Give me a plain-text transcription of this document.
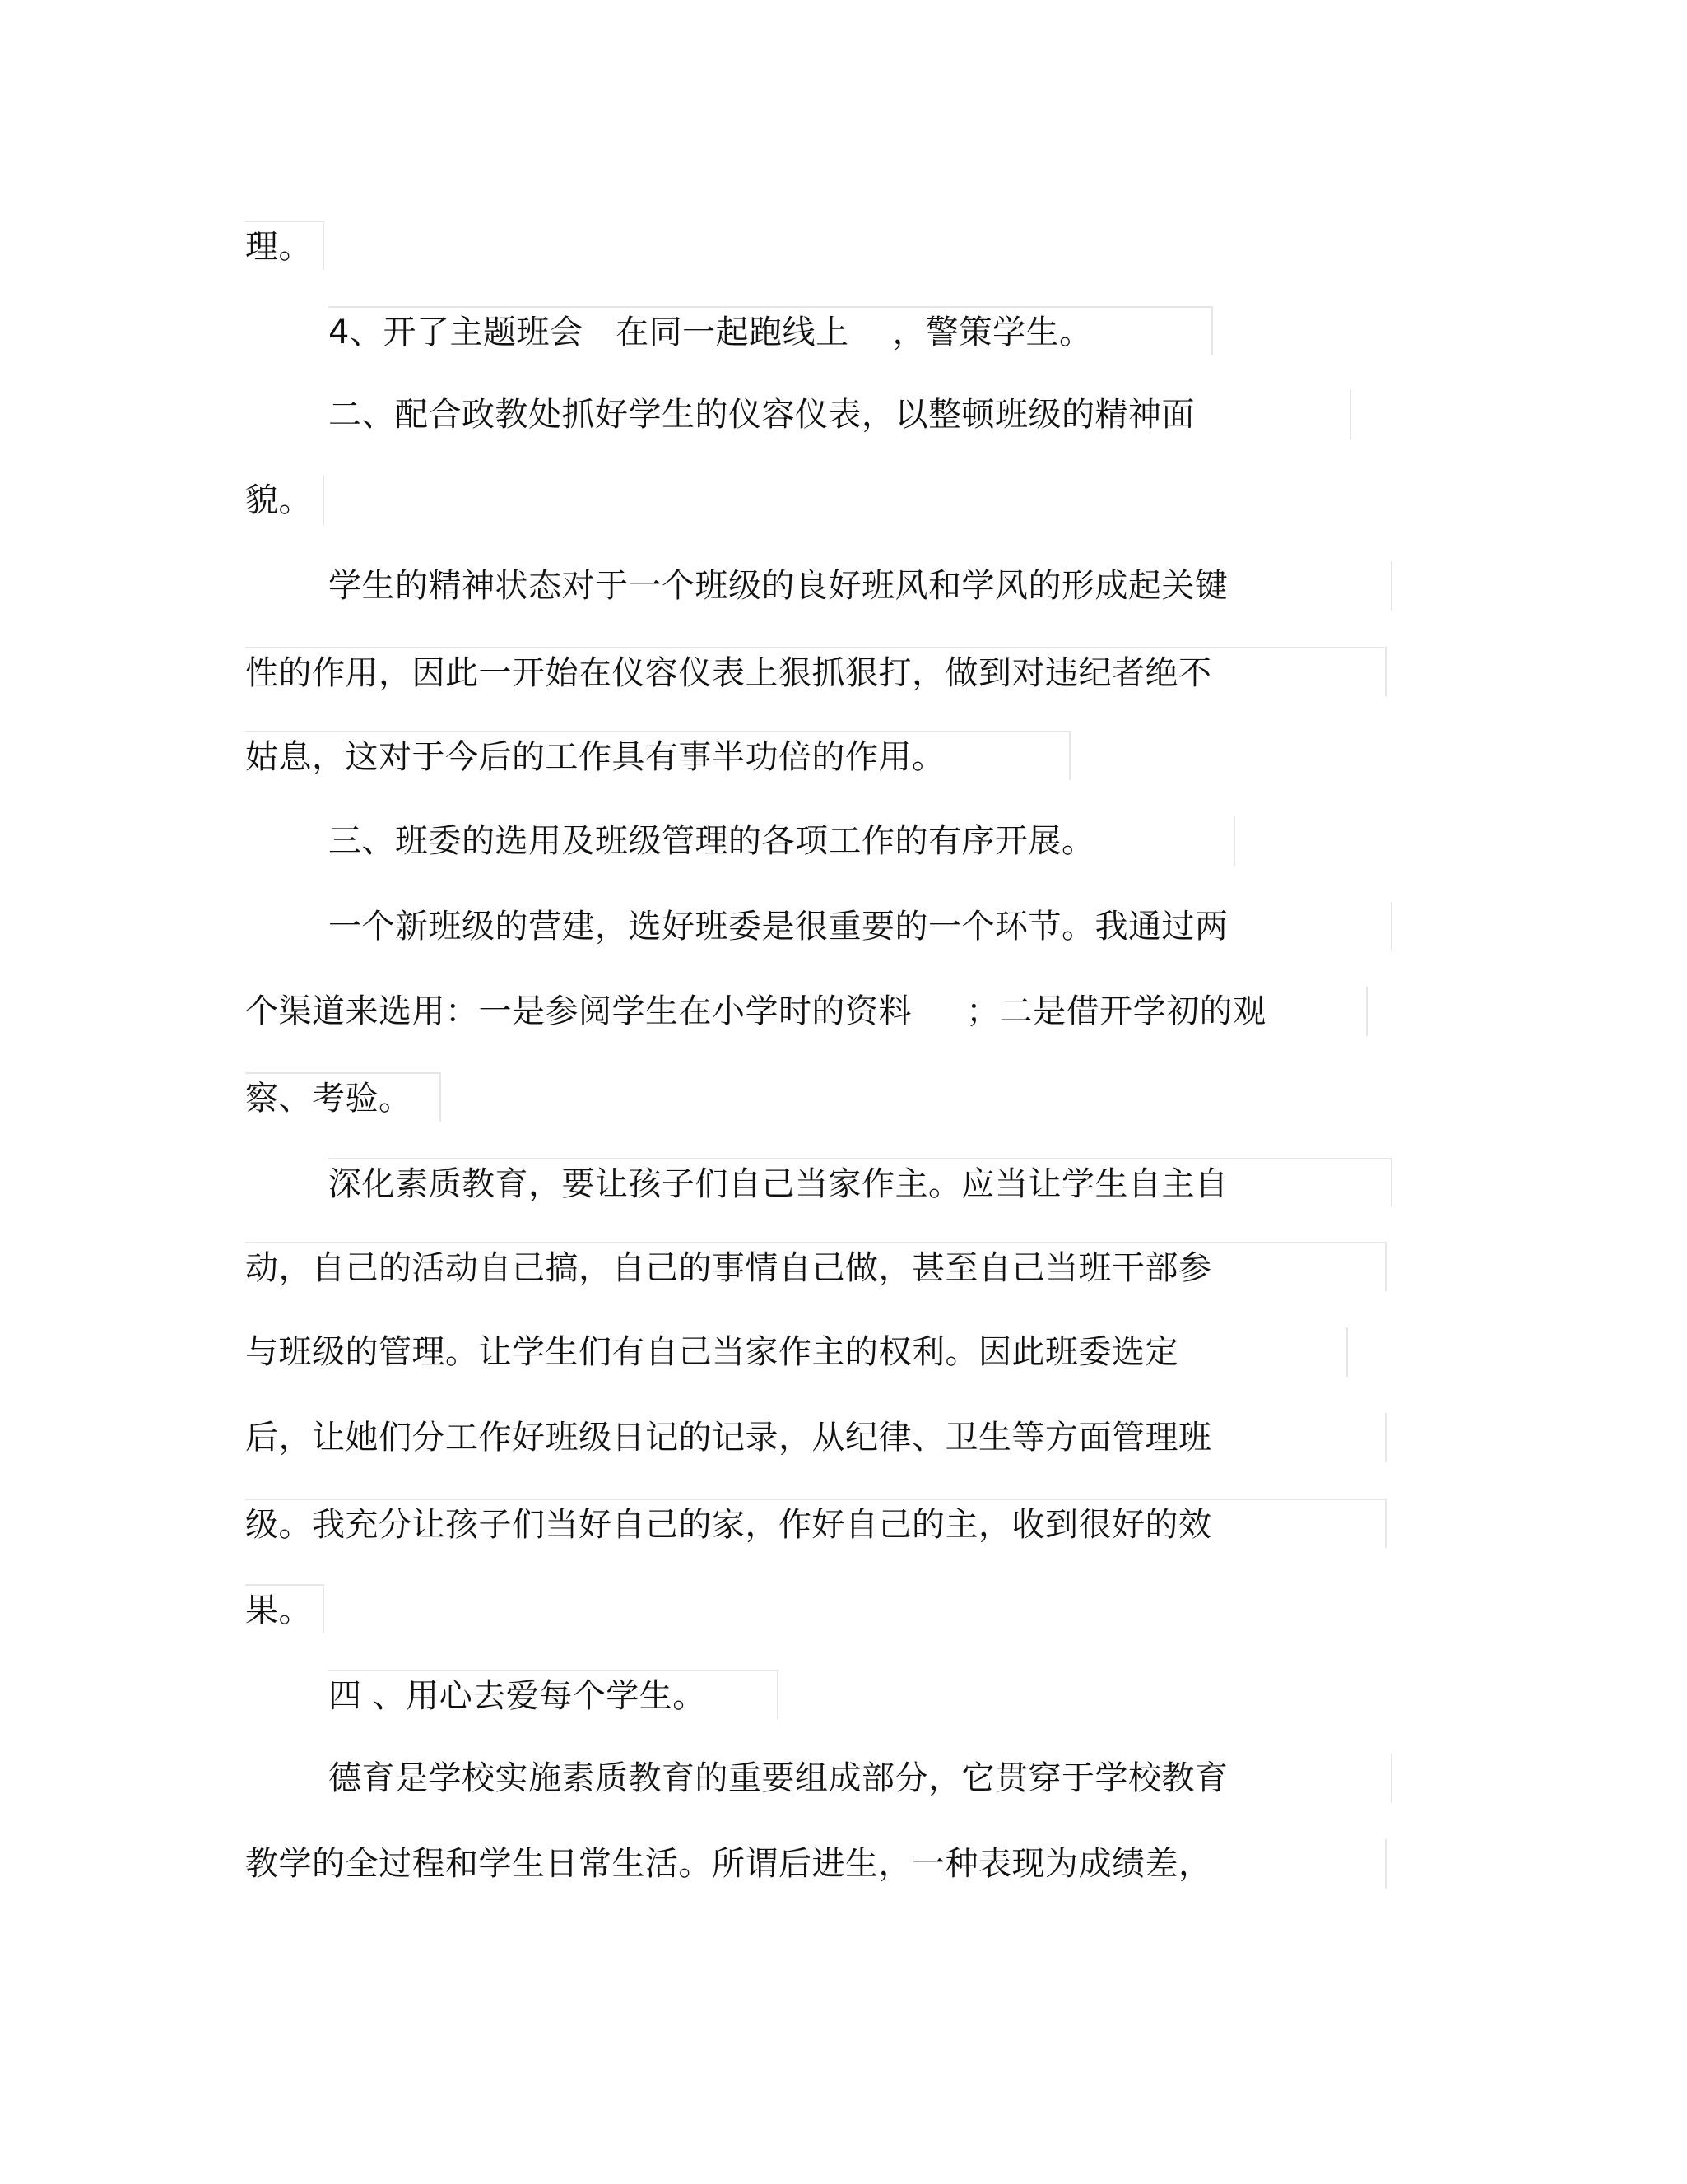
理。
4、开了主题班会   在同一起跑线上    ，警策学生。
二、配合政教处抓好学生的仪容仪表，以整顿班级的精神面
貌。
学生的精神状态对于一个班级的良好班风和学风的形成起关键
性的作用，因此一开始在仪容仪表上狠抓狠打，做到对违纪者绝不
姑息，这对于今后的工作具有事半功倍的作用。
三、班委的选用及班级管理的各项工作的有序开展。
一个新班级的营建，选好班委是很重要的一个环节。我通过两
个渠道来选用：一是参阅学生在小学时的资料     ；二是借开学初的观
察、考验。
深化素质教育，要让孩子们自己当家作主。应当让学生自主自
动，自己的活动自己搞，自己的事情自己做，甚至自己当班干部参
与班级的管理。让学生们有自己当家作主的权利。因此班委选定
后，让她们分工作好班级日记的记录，从纪律、卫生等方面管理班
级。我充分让孩子们当好自己的家，作好自己的主，收到很好的效
果。
四 、用心去爱每个学生。
德育是学校实施素质教育的重要组成部分，它贯穿于学校教育
教学的全过程和学生日常生活。所谓后进生，一种表现为成绩差，
